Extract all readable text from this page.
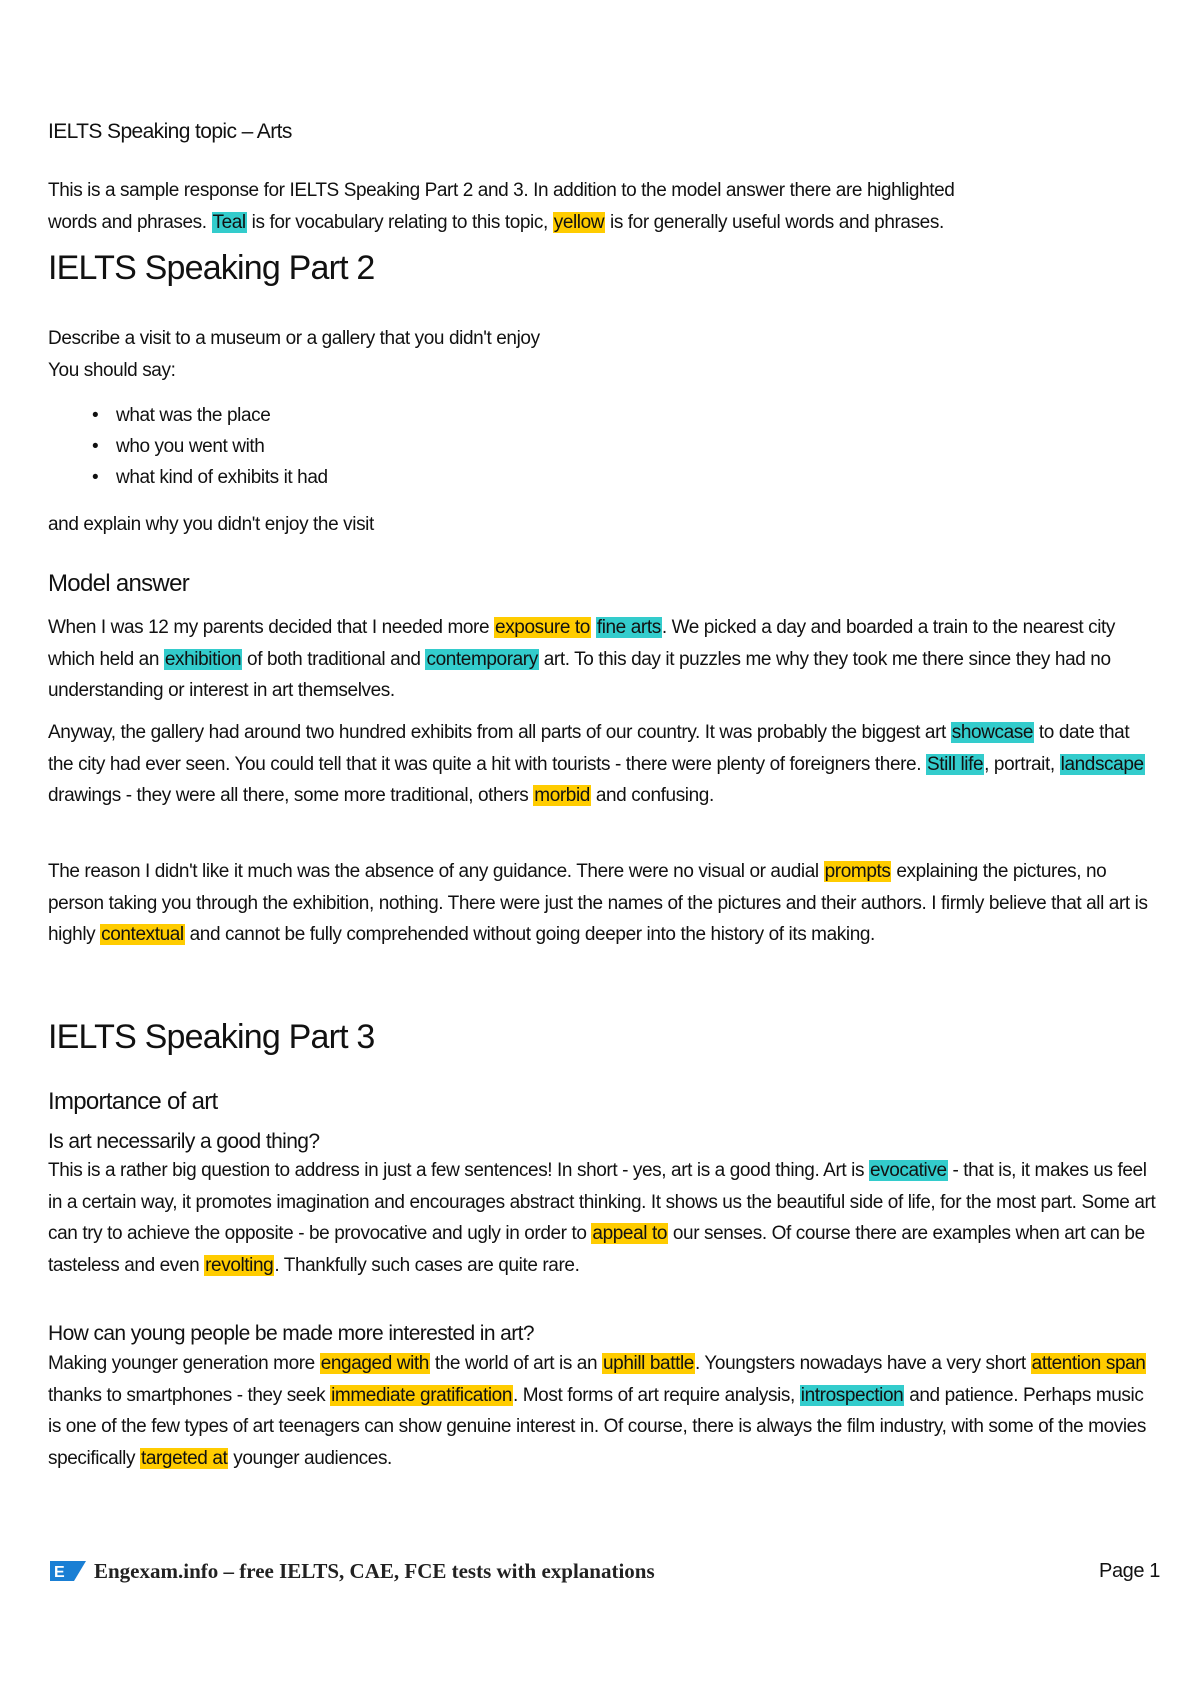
IELTS Speaking topic – Arts
This is a sample response for IELTS Speaking Part 2 and 3. In addition to the model answer there are highlighted
words and phrases. Teal is for vocabulary relating to this topic, yellow is for generally useful words and phrases.
IELTS Speaking Part 2
Describe a visit to a museum or a gallery that you didn't enjoy
You should say:
• what was the place
• who you went with
• what kind of exhibits it had
and explain why you didn't enjoy the visit
Model answer
When I was 12 my parents decided that I needed more exposure to fine arts. We picked a day and boarded a train to the nearest city which held an exhibition of both traditional and contemporary art. To this day it puzzles me why they took me there since they had no understanding or interest in art themselves.
Anyway, the gallery had around two hundred exhibits from all parts of our country. It was probably the biggest art showcase to date that the city had ever seen. You could tell that it was quite a hit with tourists - there were plenty of foreigners there. Still life, portrait, landscape drawings - they were all there, some more traditional, others morbid and confusing.
The reason I didn't like it much was the absence of any guidance. There were no visual or audial prompts explaining the pictures, no person taking you through the exhibition, nothing. There were just the names of the pictures and their authors. I firmly believe that all art is highly contextual and cannot be fully comprehended without going deeper into the history of its making.
IELTS Speaking Part 3
Importance of art
Is art necessarily a good thing?
This is a rather big question to address in just a few sentences! In short - yes, art is a good thing. Art is evocative - that is, it makes us feel in a certain way, it promotes imagination and encourages abstract thinking. It shows us the beautiful side of life, for the most part. Some art can try to achieve the opposite - be provocative and ugly in order to appeal to our senses. Of course there are examples when art can be tasteless and even revolting. Thankfully such cases are quite rare.
How can young people be made more interested in art?
Making younger generation more engaged with the world of art is an uphill battle. Youngsters nowadays have a very short attention span thanks to smartphones - they seek immediate gratification. Most forms of art require analysis, introspection and patience. Perhaps music is one of the few types of art teenagers can show genuine interest in. Of course, there is always the film industry, with some of the movies specifically targeted at younger audiences.
E Engexam.info – free IELTS, CAE, FCE tests with explanations	Page 1
